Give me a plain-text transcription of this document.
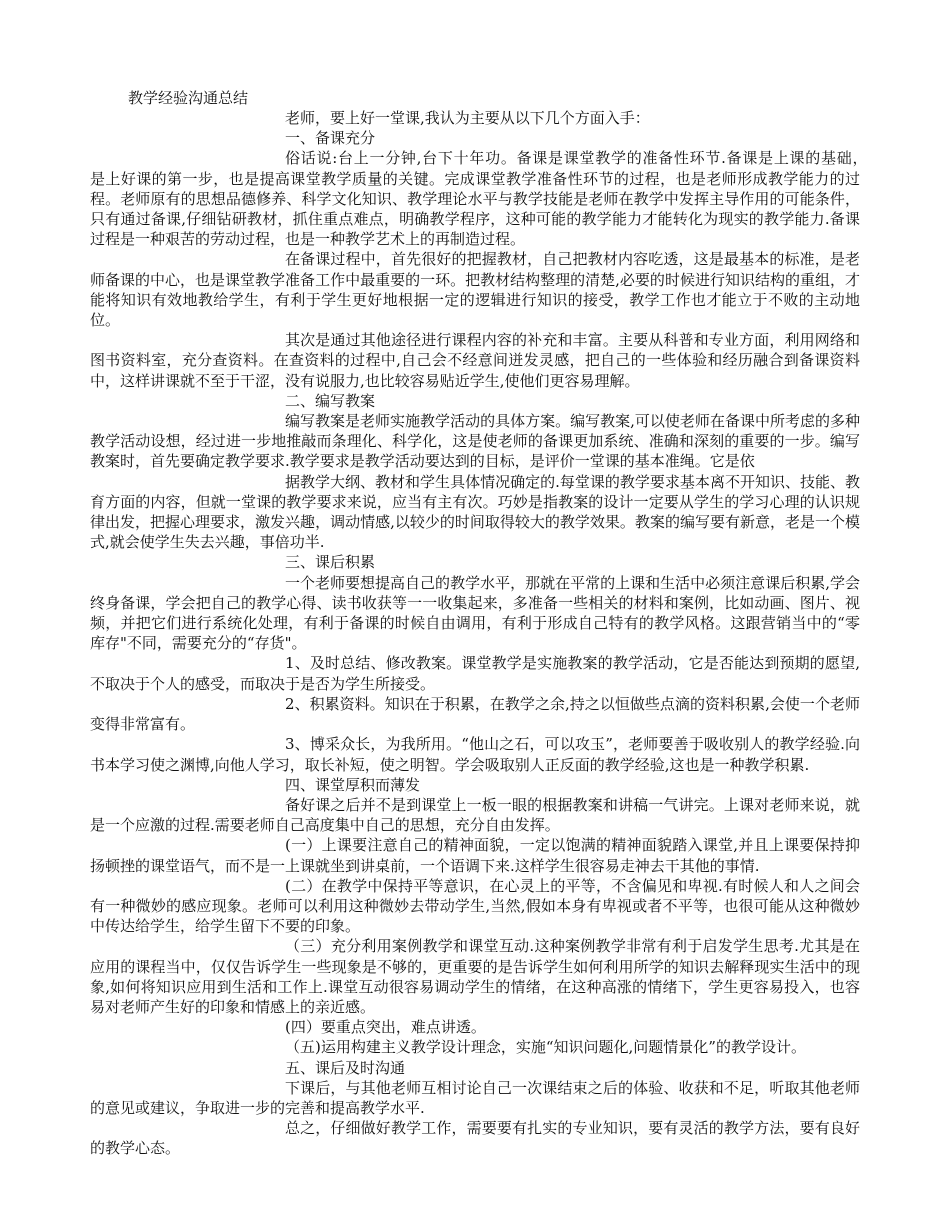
教学经验沟通总结

老师，要上好一堂课,我认为主要从以下几个方面入手：

一、备课充分

俗话说:台上一分钟,台下十年功。备课是课堂教学的准备性环节.备课是上课的基础，　是上好课的第一步，也是提高课堂教学质量的关键。完成课堂教学准备性环节的过程，也是老师形成教学能力的过程。老师原有的思想品德修养、科学文化知识、教学理论水平与教学技能是老师在教学中发挥主导作用的可能条件，只有通过备课,仔细钻研教材，抓住重点难点，明确教学程序，这种可能的教学能力才能转化为现实的教学能力.备课过程是一种艰苦的劳动过程，也是一种教学艺术上的再制造过程。

在备课过程中，首先很好的把握教材，自己把教材内容吃透，这是最基本的标准，是老师备课的中心，也是课堂教学准备工作中最重要的一环。把教材结构整理的清楚,必要的时候进行知识结构的重组，才能将知识有效地教给学生，有利于学生更好地根据一定的逻辑进行知识的接受，教学工作也才能立于不败的主动地位。

其次是通过其他途径进行课程内容的补充和丰富。主要从科普和专业方面，利用网络和图书资料室，充分查资料。在查资料的过程中,自己会不经意间迸发灵感，把自己的一些体验和经历融合到备课资料中，这样讲课就不至于干涩，没有说服力,也比较容易贴近学生,使他们更容易理解。

二、编写教案

编写教案是老师实施教学活动的具体方案。编写教案,可以使老师在备课中所考虑的多种教学活动设想，经过进一步地推敲而条理化、科学化，这是使老师的备课更加系统、准确和深刻的重要的一步。编写教案时，首先要确定教学要求.教学要求是教学活动要达到的目标，是评价一堂课的基本准绳。它是依

据教学大纲、教材和学生具体情况确定的.每堂课的教学要求基本离不开知识、技能、教育方面的内容，但就一堂课的教学要求来说，应当有主有次。巧妙是指教案的设计一定要从学生的学习心理的认识规律出发，把握心理要求，激发兴趣，调动情感,以较少的时间取得较大的教学效果。教案的编写要有新意，老是一个模式,就会使学生失去兴趣，事倍功半.

三、课后积累

一个老师要想提高自己的教学水平，那就在平常的上课和生活中必须注意课后积累,学会终身备课，学会把自己的教学心得、读书收获等一一收集起来，多准备一些相关的材料和案例，比如动画、图片、视频，并把它们进行系统化处理，有利于备课的时候自由调用，有利于形成自己特有的教学风格。这跟营销当中的“零库存"不同，需要充分的“存货"。

1、及时总结、修改教案。课堂教学是实施教案的教学活动，它是否能达到预期的愿望,不取决于个人的感受，而取决于是否为学生所接受。

2、积累资料。知识在于积累，在教学之余,持之以恒做些点滴的资料积累,会使一个老师变得非常富有。

3、博采众长，为我所用。“他山之石，可以攻玉”，老师要善于吸收别人的教学经验.向书本学习使之渊博,向他人学习，取长补短，使之明智。学会吸取别人正反面的教学经验,这也是一种教学积累.

四、课堂厚积而薄发

备好课之后并不是到课堂上一板一眼的根据教案和讲稿一气讲完。上课对老师来说，就是一个应激的过程.需要老师自己高度集中自己的思想，充分自由发挥。

(一）上课要注意自己的精神面貌，一定以饱满的精神面貌踏入课堂,并且上课要保持抑扬顿挫的课堂语气，而不是一上课就坐到讲桌前，一个语调下来.这样学生很容易走神去干其他的事情.

(二）在教学中保持平等意识，在心灵上的平等，不含偏见和卑视.有时候人和人之间会有一种微妙的感应现象。老师可以利用这种微妙去带动学生,当然,假如本身有卑视或者不平等，也很可能从这种微妙中传达给学生，给学生留下不要的印象。

（三）充分利用案例教学和课堂互动.这种案例教学非常有利于启发学生思考.尤其是在应用的课程当中，仅仅告诉学生一些现象是不够的，更重要的是告诉学生如何利用所学的知识去解释现实生活中的现象,如何将知识应用到生活和工作上.课堂互动很容易调动学生的情绪，在这种高涨的情绪下，学生更容易投入，也容易对老师产生好的印象和情感上的亲近感。

(四）要重点突出，难点讲透。

（五)运用构建主义教学设计理念，实施“知识问题化,问题情景化”的教学设计。

五、课后及时沟通

下课后，与其他老师互相讨论自己一次课结束之后的体验、收获和不足，听取其他老师的意见或建议，争取进一步的完善和提高教学水平.

总之，仔细做好教学工作，需要要有扎实的专业知识，要有灵活的教学方法，要有良好的教学心态。
